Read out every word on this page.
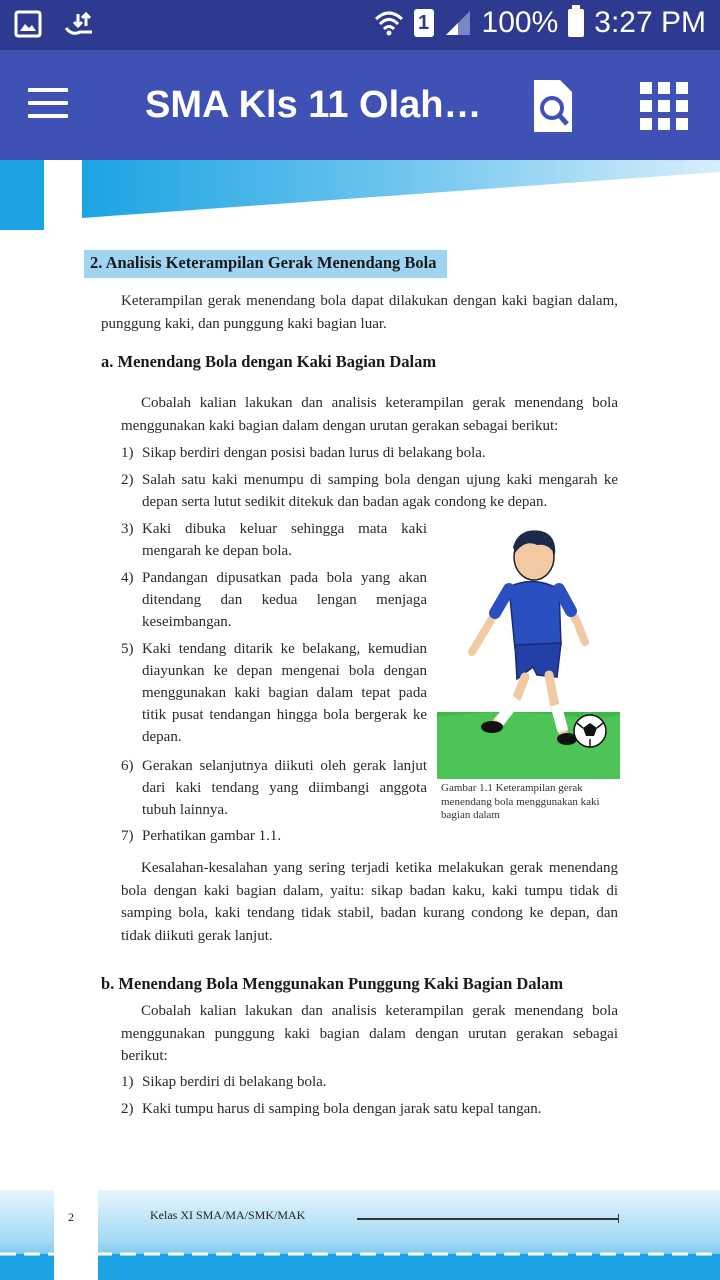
1 100% 3:27 PM
SMA Kls 11 Olah…
2. Analisis Keterampilan Gerak Menendang Bola
Keterampilan gerak menendang bola dapat dilakukan dengan kaki bagian dalam, punggung kaki, dan punggung kaki bagian luar.
a. Menendang Bola dengan Kaki Bagian Dalam
Cobalah kalian lakukan dan analisis keterampilan gerak menendang bola menggunakan kaki bagian dalam dengan urutan gerakan sebagai berikut:
1) Sikap berdiri dengan posisi badan lurus di belakang bola.
2) Salah satu kaki menumpu di samping bola dengan ujung kaki mengarah ke depan serta lutut sedikit ditekuk dan badan agak condong ke depan.
3) Kaki dibuka keluar sehingga mata kaki mengarah ke depan bola.
4) Pandangan dipusatkan pada bola yang akan ditendang dan kedua lengan menjaga keseimbangan.
5) Kaki tendang ditarik ke belakang, kemudian diayunkan ke depan mengenai bola dengan menggunakan kaki bagian dalam tepat pada titik pusat tendangan hingga bola bergerak ke depan.
6) Gerakan selanjutnya diikuti oleh gerak lanjut dari kaki tendang yang diimbangi anggota tubuh lainnya.
7) Perhatikan gambar 1.1.
Gambar 1.1 Keterampilan gerak menendang bola menggunakan kaki bagian dalam
Kesalahan-kesalahan yang sering terjadi ketika melakukan gerak menendang bola dengan kaki bagian dalam, yaitu: sikap badan kaku, kaki tumpu tidak di samping bola, kaki tendang tidak stabil, badan kurang condong ke depan, dan tidak diikuti gerak lanjut.
b. Menendang Bola Menggunakan Punggung Kaki Bagian Dalam
Cobalah kalian lakukan dan analisis keterampilan gerak menendang bola menggunakan punggung kaki bagian dalam dengan urutan gerakan sebagai berikut:
1) Sikap berdiri di belakang bola.
2) Kaki tumpu harus di samping bola dengan jarak satu kepal tangan.
2	Kelas XI SMA/MA/SMK/MAK
